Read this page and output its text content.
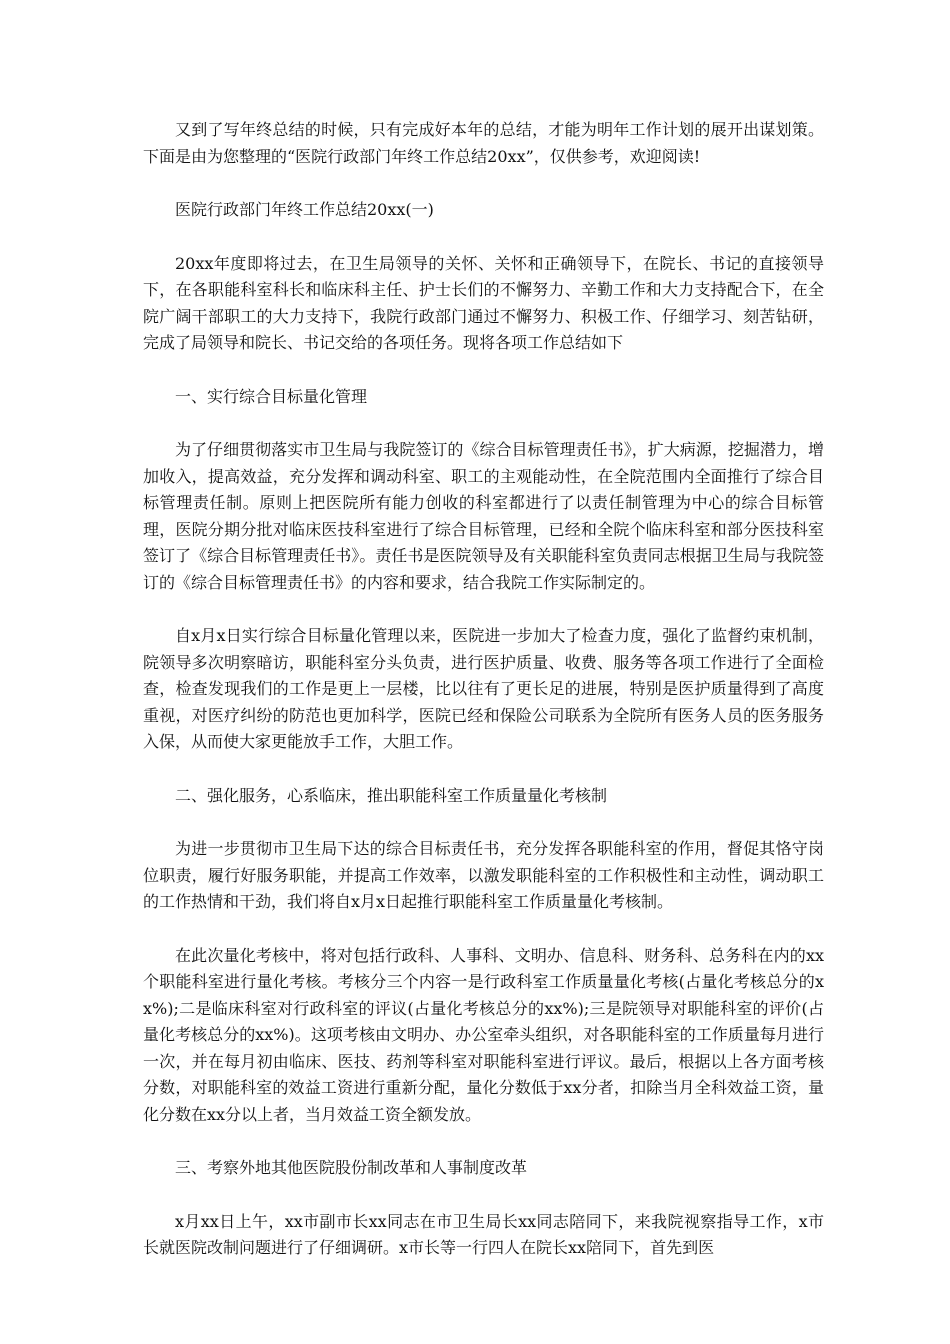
又到了写年终总结的时候，只有完成好本年的总结，才能为明年工作计划的展开出谋划策。下面是由为您整理的“医院行政部门年终工作总结20xx”，仅供参考，欢迎阅读!

医院行政部门年终工作总结20xx(一)

20xx年度即将过去，在卫生局领导的关怀、关怀和正确领导下，在院长、书记的直接领导下，在各职能科室科长和临床科主任、护士长们的不懈努力、辛勤工作和大力支持配合下，在全院广阔干部职工的大力支持下，我院行政部门通过不懈努力、积极工作、仔细学习、刻苦钻研，完成了局领导和院长、书记交给的各项任务。现将各项工作总结如下

一、实行综合目标量化管理

为了仔细贯彻落实市卫生局与我院签订的《综合目标管理责任书》，扩大病源，挖掘潜力，增加收入，提高效益，充分发挥和调动科室、职工的主观能动性，在全院范围内全面推行了综合目标管理责任制。原则上把医院所有能力创收的科室都进行了以责任制管理为中心的综合目标管理，医院分期分批对临床医技科室进行了综合目标管理，已经和全院个临床科室和部分医技科室签订了《综合目标管理责任书》。责任书是医院领导及有关职能科室负责同志根据卫生局与我院签订的《综合目标管理责任书》的内容和要求，结合我院工作实际制定的。

自x月x日实行综合目标量化管理以来，医院进一步加大了检查力度，强化了监督约束机制，院领导多次明察暗访，职能科室分头负责，进行医护质量、收费、服务等各项工作进行了全面检查，检查发现我们的工作是更上一层楼，比以往有了更长足的进展，特别是医护质量得到了高度重视，对医疗纠纷的防范也更加科学，医院已经和保险公司联系为全院所有医务人员的医务服务入保，从而使大家更能放手工作，大胆工作。

二、强化服务，心系临床，推出职能科室工作质量量化考核制

为进一步贯彻市卫生局下达的综合目标责任书，充分发挥各职能科室的作用，督促其恪守岗位职责，履行好服务职能，并提高工作效率，以激发职能科室的工作积极性和主动性，调动职工的工作热情和干劲，我们将自x月x日起推行职能科室工作质量量化考核制。

在此次量化考核中，将对包括行政科、人事科、文明办、信息科、财务科、总务科在内的xx个职能科室进行量化考核。考核分三个内容一是行政科室工作质量量化考核(占量化考核总分的xx%);二是临床科室对行政科室的评议(占量化考核总分的xx%);三是院领导对职能科室的评价(占量化考核总分的xx%)。这项考核由文明办、办公室牵头组织，对各职能科室的工作质量每月进行一次，并在每月初由临床、医技、药剂等科室对职能科室进行评议。最后，根据以上各方面考核分数，对职能科室的效益工资进行重新分配，量化分数低于xx分者，扣除当月全科效益工资，量化分数在xx分以上者，当月效益工资全额发放。

三、考察外地其他医院股份制改革和人事制度改革

x月xx日上午，xx市副市长xx同志在市卫生局长xx同志陪同下，来我院视察指导工作，x市长就医院改制问题进行了仔细调研。x市长等一行四人在院长xx陪同下，首先到医
